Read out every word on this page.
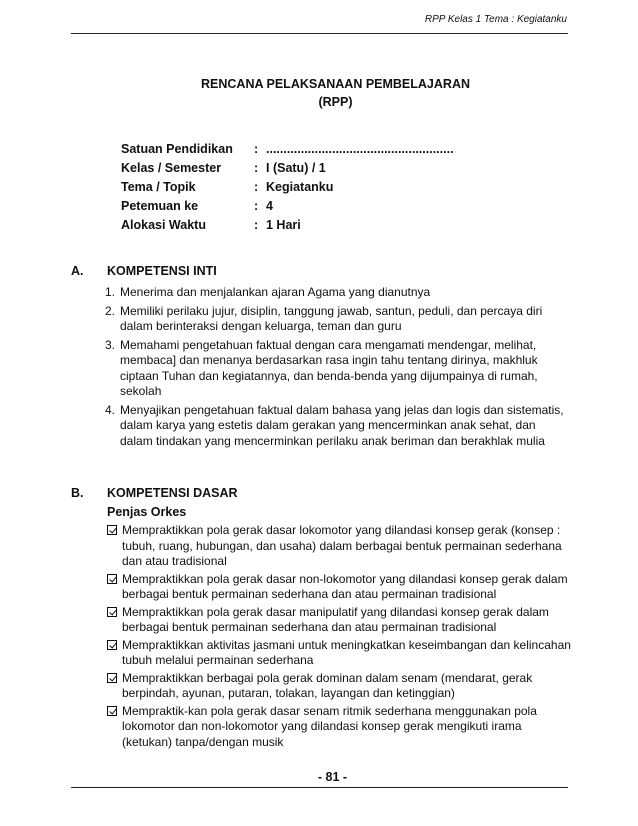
RPP Kelas 1 Tema : Kegiatanku
RENCANA PELAKSANAAN PEMBELAJARAN
(RPP)
Satuan Pendidikan : ......................................................
Kelas / Semester	: I (Satu) / 1
Tema / Topik	: Kegiatanku
Petemuan ke	: 4
Alokasi Waktu	: 1 Hari
A. KOMPETENSI INTI
1. Menerima dan menjalankan ajaran Agama yang dianutnya
2. Memiliki perilaku jujur, disiplin, tanggung jawab, santun, peduli, dan percaya diri dalam berinteraksi dengan keluarga, teman dan guru
3. Memahami pengetahuan faktual dengan cara mengamati mendengar, melihat, membaca] dan menanya berdasarkan rasa ingin tahu tentang dirinya, makhluk ciptaan Tuhan dan kegiatannya, dan benda-benda yang dijumpainya di rumah, sekolah
4. Menyajikan pengetahuan faktual dalam bahasa yang jelas dan logis dan sistematis, dalam karya yang estetis dalam gerakan yang mencerminkan anak sehat, dan dalam tindakan yang mencerminkan perilaku anak beriman dan berakhlak mulia
B. KOMPETENSI DASAR
Penjas Orkes
Mempraktikkan pola gerak dasar lokomotor yang dilandasi konsep gerak (konsep : tubuh, ruang, hubungan, dan usaha) dalam berbagai bentuk permainan sederhana dan atau tradisional
Mempraktikkan pola gerak dasar non-lokomotor yang dilandasi konsep gerak dalam berbagai bentuk permainan sederhana dan atau permainan tradisional
Mempraktikkan pola gerak dasar manipulatif yang dilandasi konsep gerak dalam berbagai bentuk permainan sederhana dan atau permainan tradisional
Mempraktikkan aktivitas jasmani untuk meningkatkan keseimbangan dan kelincahan tubuh melalui permainan sederhana
Mempraktikkan berbagai pola gerak dominan dalam senam (mendarat, gerak berpindah, ayunan, putaran, tolakan, layangan dan ketinggian)
Mempraktik-kan pola gerak dasar senam ritmik sederhana menggunakan pola lokomotor dan non-lokomotor yang dilandasi konsep gerak mengikuti irama (ketukan) tanpa/dengan musik
- 81 -
